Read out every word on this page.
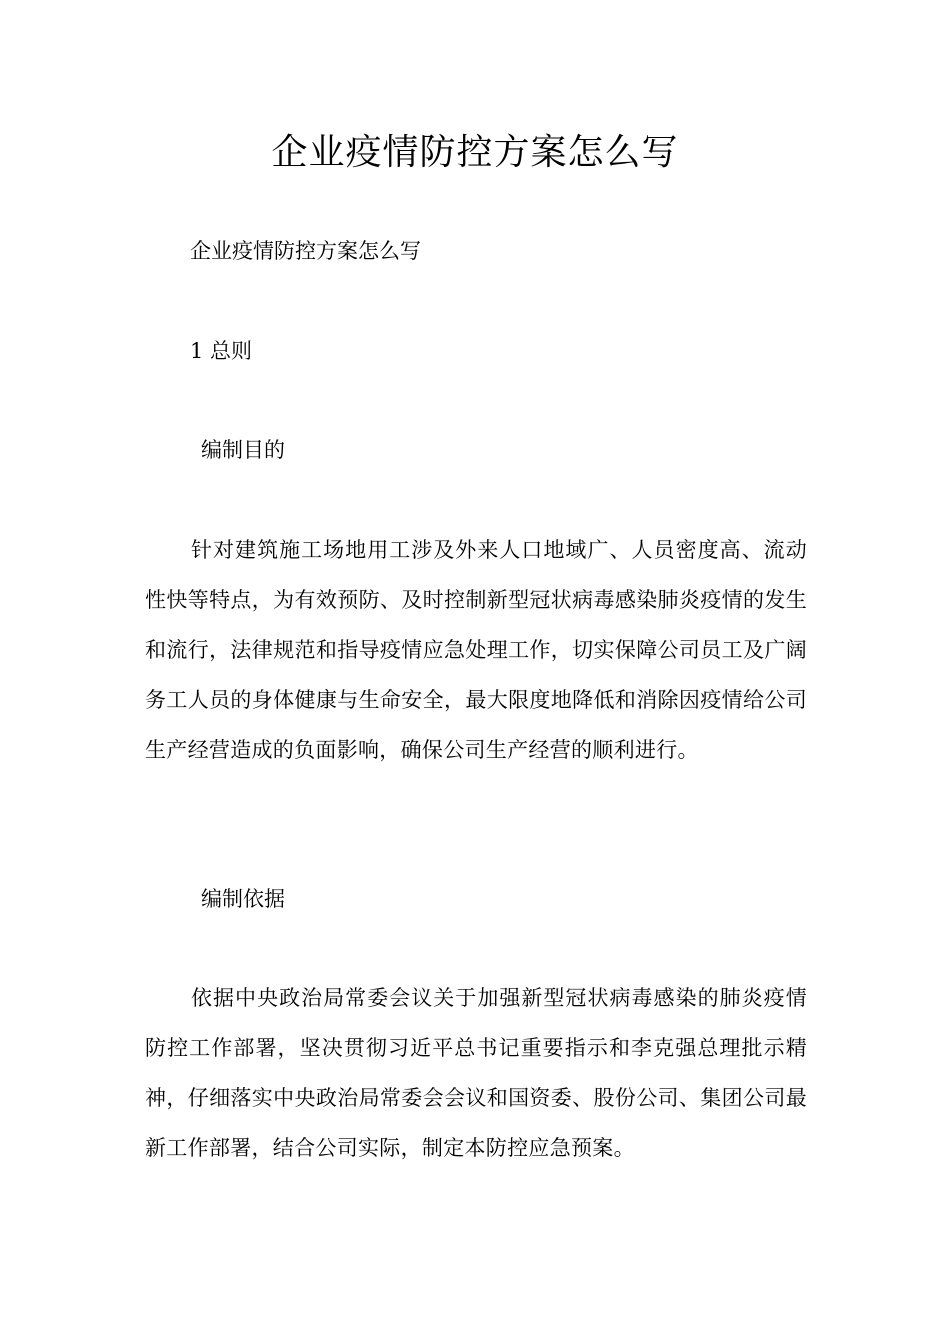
企业疫情防控方案怎么写

企业疫情防控方案怎么写

1 总则

编制目的

针对建筑施工场地用工涉及外来人口地域广、人员密度高、流动性快等特点，为有效预防、及时控制新型冠状病毒感染肺炎疫情的发生和流行，法律规范和指导疫情应急处理工作，切实保障公司员工及广阔务工人员的身体健康与生命安全，最大限度地降低和消除因疫情给公司生产经营造成的负面影响，确保公司生产经营的顺利进行。

编制依据

依据中央政治局常委会议关于加强新型冠状病毒感染的肺炎疫情防控工作部署，坚决贯彻习近平总书记重要指示和李克强总理批示精神，仔细落实中央政治局常委会会议和国资委、股份公司、集团公司最新工作部署，结合公司实际，制定本防控应急预案。
